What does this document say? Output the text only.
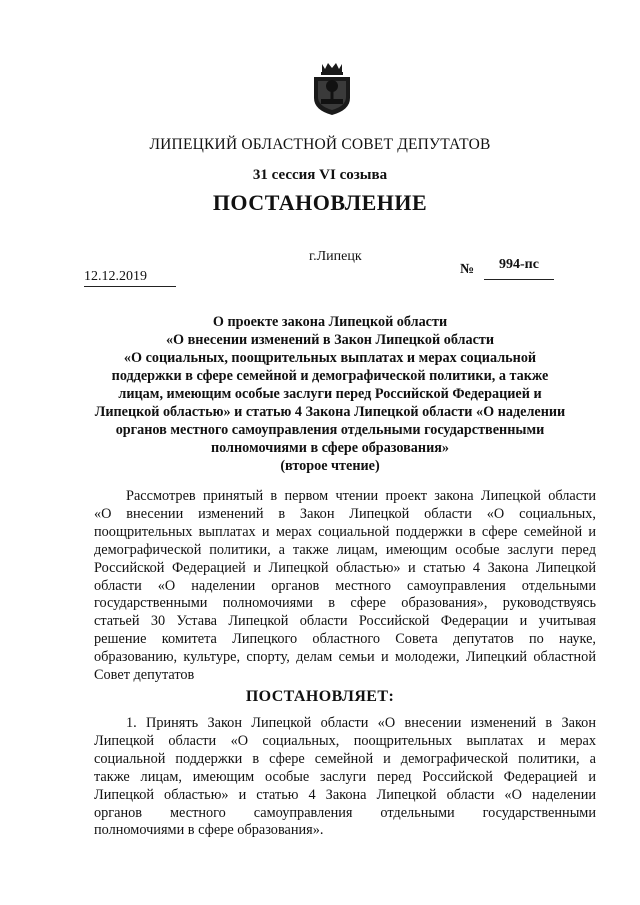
ЛИПЕЦКИЙ ОБЛАСТНОЙ СОВЕТ ДЕПУТАТОВ
31 сессия VI созыва
ПОСТАНОВЛЕНИЕ
г.Липецк
12.12.2019	№	994-пс
О проекте закона Липецкой области
«О внесении изменений в Закон Липецкой области
«О социальных, поощрительных выплатах и мерах социальной
поддержки в сфере семейной и демографической политики, а также
лицам, имеющим особые заслуги перед Российской Федерацией и
Липецкой областью» и статью 4 Закона Липецкой области «О наделении
органов местного самоуправления отдельными государственными
полномочиями в сфере образования»
(второе чтение)
Рассмотрев принятый в первом чтении проект закона Липецкой области
«О внесении изменений в Закон Липецкой области «О социальных,
поощрительных выплатах и мерах социальной поддержки в сфере семейной и
демографической политики, а также лицам, имеющим особые заслуги перед
Российской Федерацией и Липецкой областью» и статью 4 Закона Липецкой
области «О наделении органов местного самоуправления отдельными
государственными полномочиями в сфере образования», руководствуясь
статьей 30 Устава Липецкой области Российской Федерации и учитывая
решение комитета Липецкого областного Совета депутатов по науке,
образованию, культуре, спорту, делам семьи и молодежи, Липецкий областной
Совет депутатов
ПОСТАНОВЛЯЕТ:
1. Принять Закон Липецкой области «О внесении изменений в Закон
Липецкой области «О социальных, поощрительных выплатах и мерах
социальной поддержки в сфере семейной и демографической политики, а
также лицам, имеющим особые заслуги перед Российской Федерацией и
Липецкой областью» и статью 4 Закона Липецкой области «О наделении
органов местного самоуправления отдельными государственными
полномочиями в сфере образования».
